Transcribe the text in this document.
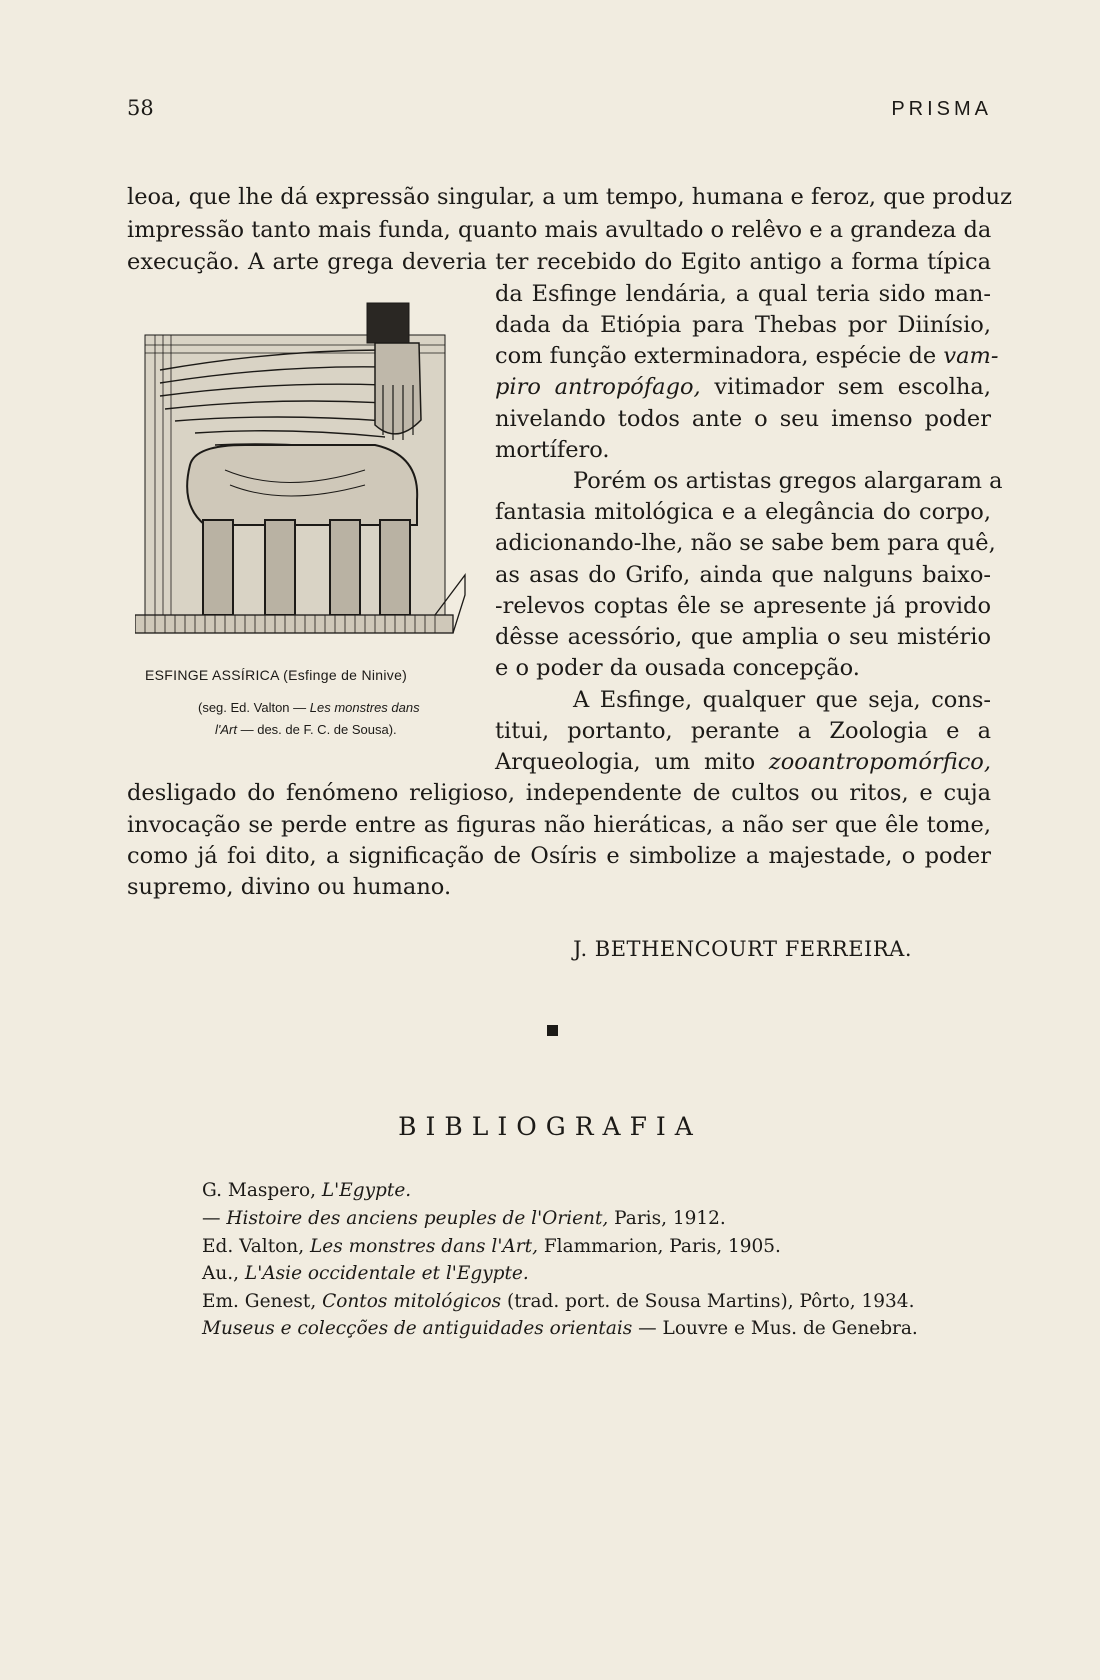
58	PRISMA
leoa, que lhe dá expressão singular, a um tempo, humana e feroz, que produz
impressão tanto mais funda, quanto mais avultado o relêvo e a grandeza da
execução. A arte grega deveria ter recebido do Egito antigo a forma típica
da Esfinge lendária, a qual teria sido man-
dada da Etiópia para Thebas por Diinísio,
com função exterminadora, espécie de vam-
piro antropófago, vitimador sem escolha,
nivelando todos ante o seu imenso poder
mortífero.
Porém os artistas gregos alargaram a
fantasia mitológica e a elegância do corpo,
adicionando-lhe, não se sabe bem para quê,
as asas do Grifo, ainda que nalguns baixo-
-relevos coptas êle se apresente já provido
dêsse acessório, que amplia o seu mistério
e o poder da ousada concepção.
A Esfinge, qualquer que seja, cons-
titui, portanto, perante a Zoologia e a
Arqueologia, um mito zooantropomórfico,
desligado do fenómeno religioso, independente de cultos ou ritos, e cuja
invocação se perde entre as figuras não hieráticas, a não ser que êle tome,
como já foi dito, a significação de Osíris e simbolize a majestade, o poder
supremo, divino ou humano.
ESFINGE ASSÍRICA (Esfinge de Ninive)
(seg. Ed. Valton — Les monstres dans
l'Art — des. de F. C. de Sousa).
J. BETHENCOURT FERREIRA.
BIBLIOGRAFIA
G. Maspero, L'Egypte.
— Histoire des anciens peuples de l'Orient, Paris, 1912.
Ed. Valton, Les monstres dans l'Art, Flammarion, Paris, 1905.
Au., L'Asie occidentale et l'Egypte.
Em. Genest, Contos mitológicos (trad. port. de Sousa Martins), Pôrto, 1934.
Museus e colecções de antiguidades orientais — Louvre e Mus. de Genebra.
